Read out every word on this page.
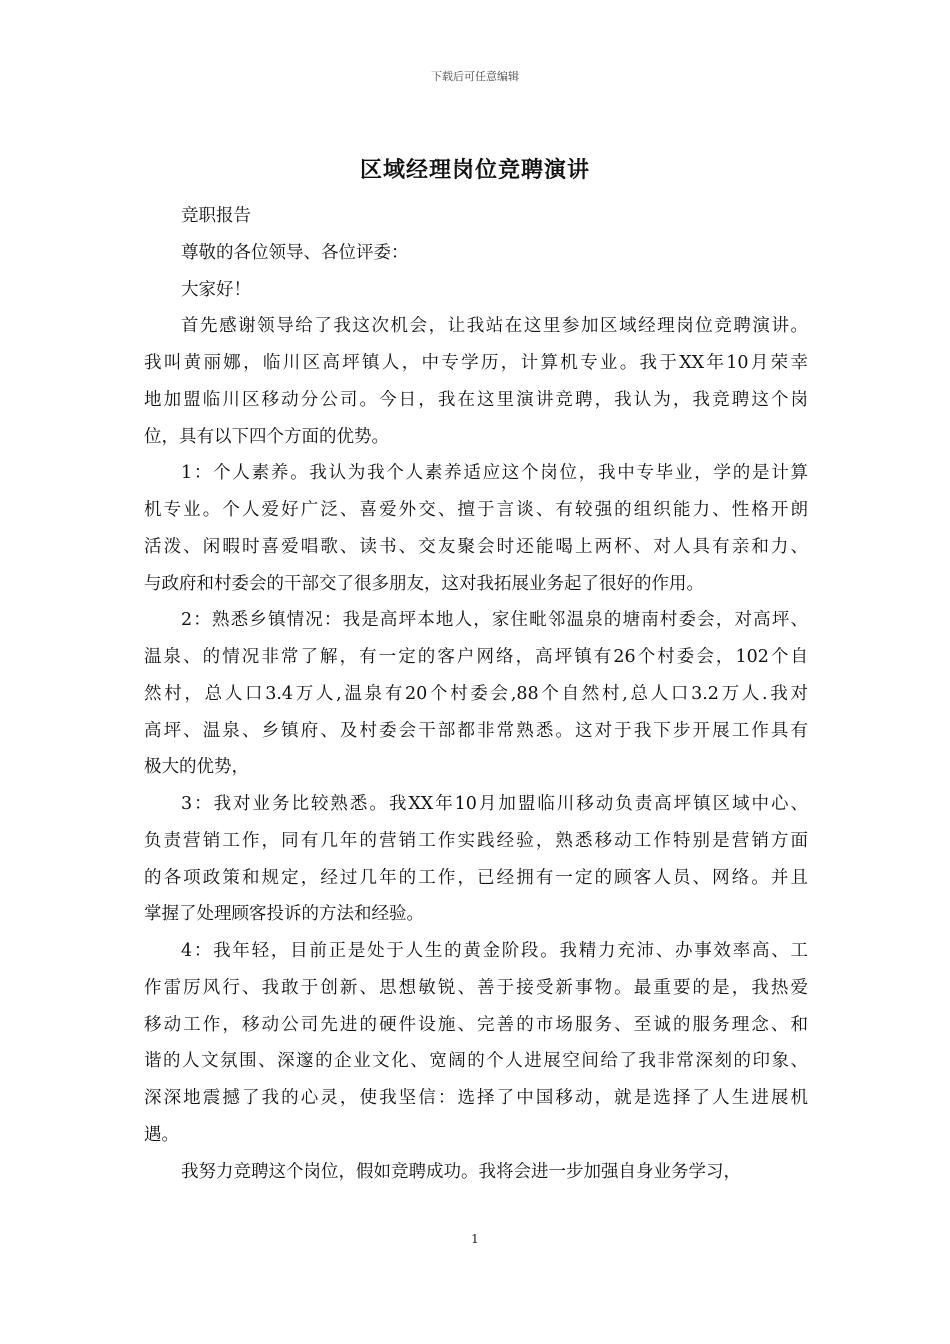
下载后可任意编辑
区域经理岗位竞聘演讲
竞职报告
尊敬的各位领导、各位评委：
大家好！
首先感谢领导给了我这次机会，让我站在这里参加区域经理岗位竞聘演讲。
我叫黄丽娜，临川区高坪镇人，中专学历，计算机专业。我于XX年10月荣幸
地加盟临川区移动分公司。今日，我在这里演讲竞聘，我认为，我竞聘这个岗
位，具有以下四个方面的优势。
1：个人素养。我认为我个人素养适应这个岗位，我中专毕业，学的是计算
机专业。个人爱好广泛、喜爱外交、擅于言谈、有较强的组织能力、性格开朗
活泼、闲暇时喜爱唱歌、读书、交友聚会时还能喝上两杯、对人具有亲和力、
与政府和村委会的干部交了很多朋友，这对我拓展业务起了很好的作用。
2：熟悉乡镇情况：我是高坪本地人，家住毗邻温泉的塘南村委会，对高坪、
温泉、的情况非常了解，有一定的客户网络，高坪镇有26个村委会，102个自
然村，总人口3.4万人,温泉有20个村委会,88个自然村,总人口3.2万人.我对
高坪、温泉、乡镇府、及村委会干部都非常熟悉。这对于我下步开展工作具有
极大的优势，
3：我对业务比较熟悉。我XX年10月加盟临川移动负责高坪镇区域中心、
负责营销工作，同有几年的营销工作实践经验，熟悉移动工作特别是营销方面
的各项政策和规定，经过几年的工作，已经拥有一定的顾客人员、网络。并且
掌握了处理顾客投诉的方法和经验。
4：我年轻，目前正是处于人生的黄金阶段。我精力充沛、办事效率高、工
作雷厉风行、我敢于创新、思想敏锐、善于接受新事物。最重要的是，我热爱
移动工作，移动公司先进的硬件设施、完善的市场服务、至诚的服务理念、和
谐的人文氛围、深邃的企业文化、宽阔的个人进展空间给了我非常深刻的印象、
深深地震撼了我的心灵，使我坚信：选择了中国移动，就是选择了人生进展机
遇。
我努力竞聘这个岗位，假如竞聘成功。我将会进一步加强自身业务学习，
1
